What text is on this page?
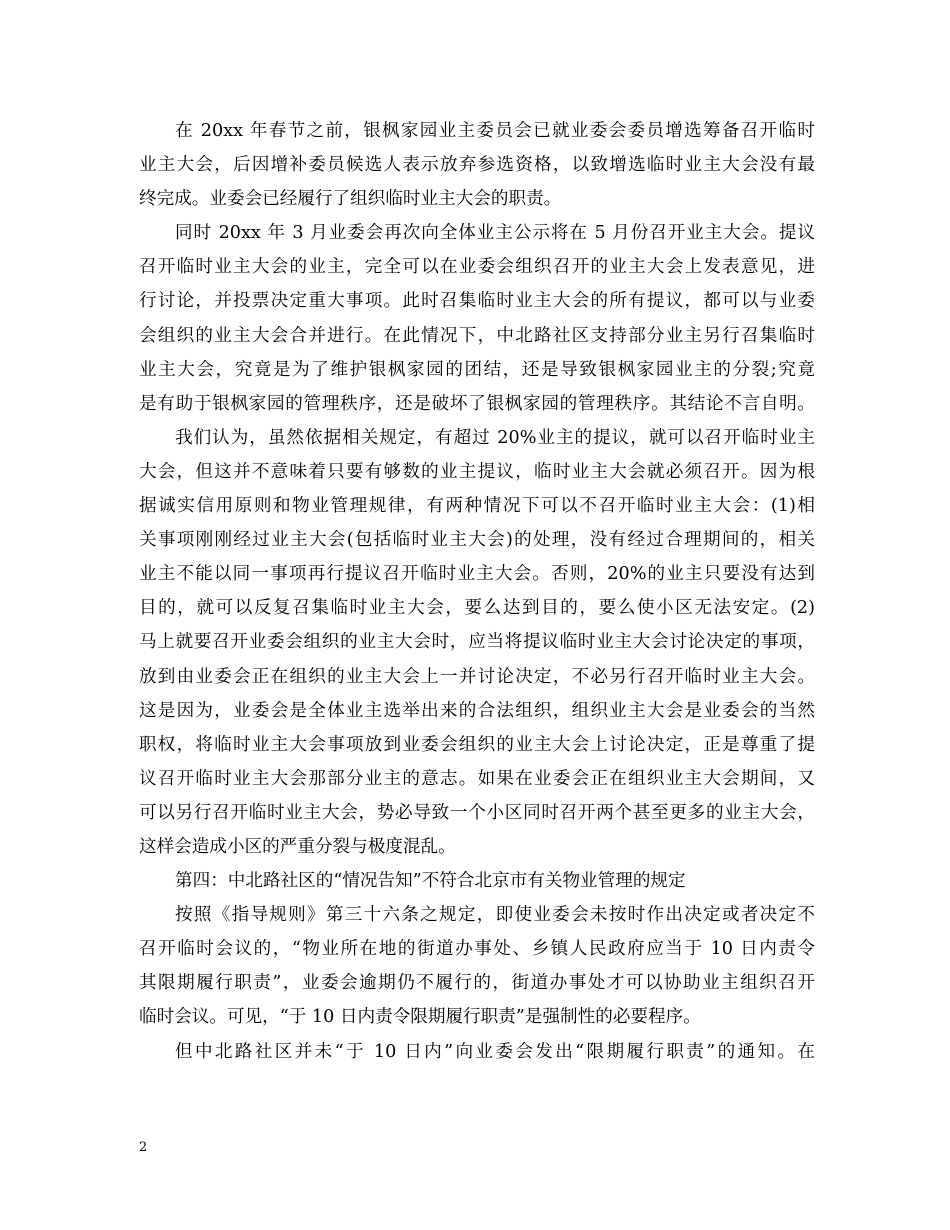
在 20xx 年春节之前，银枫家园业主委员会已就业委会委员增选筹备召开临时
业主大会，后因增补委员候选人表示放弃参选资格，以致增选临时业主大会没有最
终完成。业委会已经履行了组织临时业主大会的职责。
同时 20xx 年 3 月业委会再次向全体业主公示将在 5 月份召开业主大会。提议
召开临时业主大会的业主，完全可以在业委会组织召开的业主大会上发表意见，进
行讨论，并投票决定重大事项。此时召集临时业主大会的所有提议，都可以与业委
会组织的业主大会合并进行。在此情况下，中北路社区支持部分业主另行召集临时
业主大会，究竟是为了维护银枫家园的团结，还是导致银枫家园业主的分裂;究竟
是有助于银枫家园的管理秩序，还是破坏了银枫家园的管理秩序。其结论不言自明。
我们认为，虽然依据相关规定，有超过 20%业主的提议，就可以召开临时业主
大会，但这并不意味着只要有够数的业主提议，临时业主大会就必须召开。因为根
据诚实信用原则和物业管理规律，有两种情况下可以不召开临时业主大会：(1)相
关事项刚刚经过业主大会(包括临时业主大会)的处理，没有经过合理期间的，相关
业主不能以同一事项再行提议召开临时业主大会。否则，20%的业主只要没有达到
目的，就可以反复召集临时业主大会，要么达到目的，要么使小区无法安定。(2)
马上就要召开业委会组织的业主大会时，应当将提议临时业主大会讨论决定的事项，
放到由业委会正在组织的业主大会上一并讨论决定，不必另行召开临时业主大会。
这是因为，业委会是全体业主选举出来的合法组织，组织业主大会是业委会的当然
职权，将临时业主大会事项放到业委会组织的业主大会上讨论决定，正是尊重了提
议召开临时业主大会那部分业主的意志。如果在业委会正在组织业主大会期间，又
可以另行召开临时业主大会，势必导致一个小区同时召开两个甚至更多的业主大会，
这样会造成小区的严重分裂与极度混乱。
第四：中北路社区的“情况告知”不符合北京市有关物业管理的规定
按照《指导规则》第三十六条之规定，即使业委会未按时作出决定或者决定不
召开临时会议的，“物业所在地的街道办事处、乡镇人民政府应当于 10 日内责令
其限期履行职责”，业委会逾期仍不履行的，街道办事处才可以协助业主组织召开
临时会议。可见，“于 10 日内责令限期履行职责”是强制性的必要程序。
但中北路社区并未“于 10 日内”向业委会发出“限期履行职责”的通知。在
2
